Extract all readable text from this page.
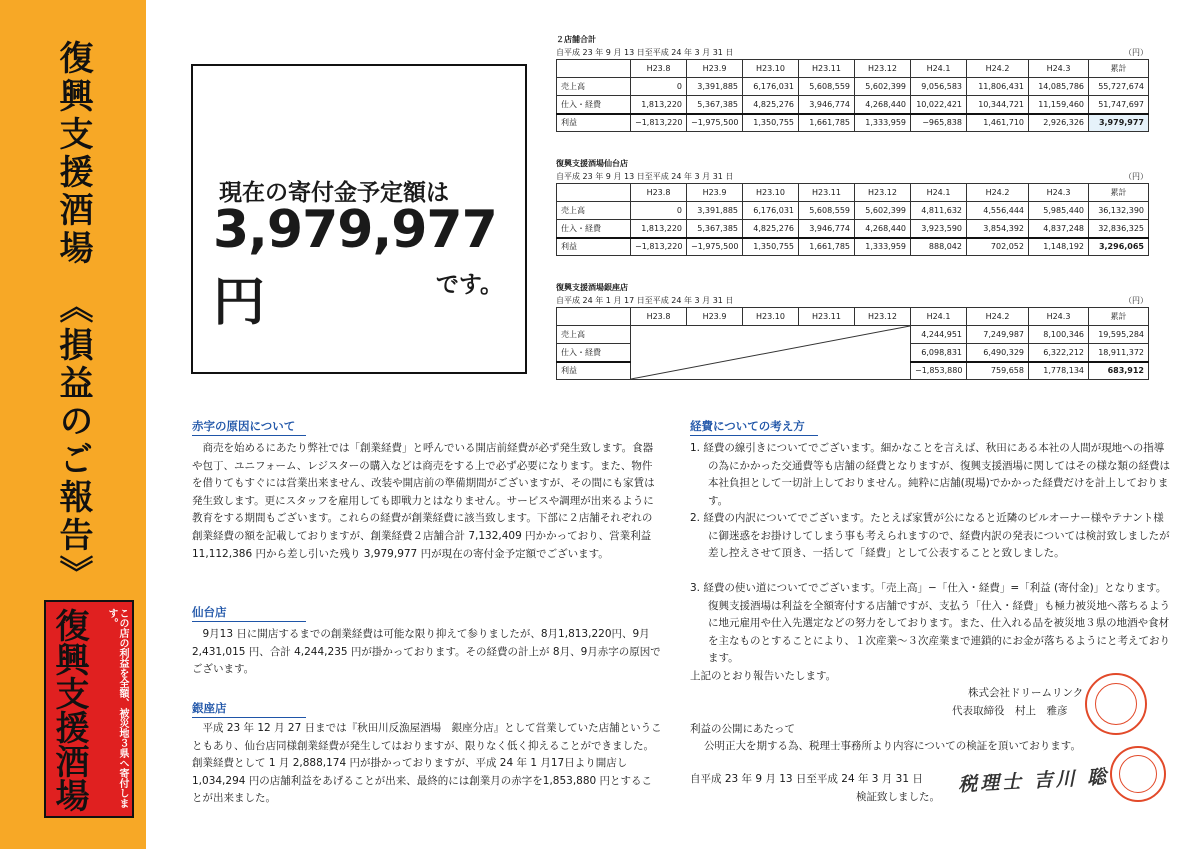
復興支援酒場　《損益のご報告》
復興支援酒場	この店の利益を全額、被災地３県へ寄付します。
現在の寄付金予定額は
3,979,977円	です。
２店舗合計
自平成 23 年 9 月 13 日至平成 24 年 3 月 31 日	（円）
	H23.8	H23.9	H23.10	H23.11	H23.12	H24.1	H24.2	H24.3	累計
売上高	0	3,391,885	6,176,031	5,608,559	5,602,399	9,056,583	11,806,431	14,085,786	55,727,674
仕入・経費	1,813,220	5,367,385	4,825,276	3,946,774	4,268,440	10,022,421	10,344,721	11,159,460	51,747,697
利益	−1,813,220	−1,975,500	1,350,755	1,661,785	1,333,959	−965,838	1,461,710	2,926,326	3,979,977
復興支援酒場仙台店
自平成 23 年 9 月 13 日至平成 24 年 3 月 31 日	（円）
	H23.8	H23.9	H23.10	H23.11	H23.12	H24.1	H24.2	H24.3	累計
売上高	0	3,391,885	6,176,031	5,608,559	5,602,399	4,811,632	4,556,444	5,985,440	36,132,390
仕入・経費	1,813,220	5,367,385	4,825,276	3,946,774	4,268,440	3,923,590	3,854,392	4,837,248	32,836,325
利益	−1,813,220	−1,975,500	1,350,755	1,661,785	1,333,959	888,042	702,052	1,148,192	3,296,065
復興支援酒場銀座店
自平成 24 年 1 月 17 日至平成 24 年 3 月 31 日	（円）
	H23.8	H23.9	H23.10	H23.11	H23.12	H24.1	H24.2	H24.3	累計
売上高						4,244,951	7,249,987	8,100,346	19,595,284
仕入・経費						6,098,831	6,490,329	6,322,212	18,911,372
利益						−1,853,880	759,658	1,778,134	683,912
赤字の原因について

商売を始めるにあたり弊社では「創業経費」と呼んでいる開店前経費が必ず発生致します。食器や包丁、ユニフォーム、レジスターの購入などは商売をする上で必ず必要になります。また、物件を借りてもすぐには営業出来ません、改装や開店前の準備期間がございますが、その間にも家賃は発生致します。更にスタッフを雇用しても即戦力とはなりません。サービスや調理が出来るように教育をする期間もございます。これらの経費が創業経費に該当致します。下部に２店舗それぞれの創業経費の額を記載しておりますが、創業経費２店舗合計 7,132,409 円かかっており、営業利益 11,112,386 円から差し引いた残り 3,979,977 円が現在の寄付金予定額でございます。

仙台店

9月13 日に開店するまでの創業経費は可能な限り抑えて参りましたが、8月1,813,220円、9月 2,431,015 円、合計 4,244,235 円が掛かっております。その経費の計上が 8月、9月赤字の原因でございます。

銀座店

平成 23 年 12 月 27 日までは『秋田川反漁屋酒場　銀座分店』として営業していた店舗ということもあり、仙台店同様創業経費が発生してはおりますが、限りなく低く抑えることができました。創業経費として 1 月 2,888,174 円が掛かっておりますが、平成 24 年 1 月17日より開店し 1,034,294 円の店舗利益をあげることが出来、最終的には創業月の赤字を1,853,880 円とすることが出来ました。

経費についての考え方

1. 経費の線引きについてでございます。細かなことを言えば、秋田にある本社の人間が現地への指導の為にかかった交通費等も店舗の経費となりますが、復興支援酒場に関してはその様な類の経費は本社負担として一切計上しておりません。純粋に店舗(現場)でかかった経費だけを計上しております。

2. 経費の内訳についてでございます。たとえば家賃が公になると近隣のビルオーナー様やテナント様に御迷惑をお掛けしてしまう事も考えられますので、経費内訳の発表については検討致しましたが差し控えさせて頂き、一括して「経費」として公表することと致しました。

3. 経費の使い道についてでございます。「売上高」−「仕入・経費」=「利益 (寄付金)」となります。復興支援酒場は利益を全額寄付する店舗ですが、支払う「仕入・経費」も極力被災地へ落ちるように地元雇用や仕入先選定などの努力をしております。また、仕入れる品を被災地３県の地酒や食材を主なものとすることにより、１次産業〜３次産業まで連鎖的にお金が落ちるようにと考えております。

上記のとおり報告いたします。

株式会社ドリームリンク

代表取締役　村上　雅彦

利益の公開にあたって

公明正大を期する為、税理士事務所より内容についての検証を頂いております。

自平成 23 年 9 月 13 日至平成 24 年 3 月 31 日

検証致しました。

税理士 吉川 聡
